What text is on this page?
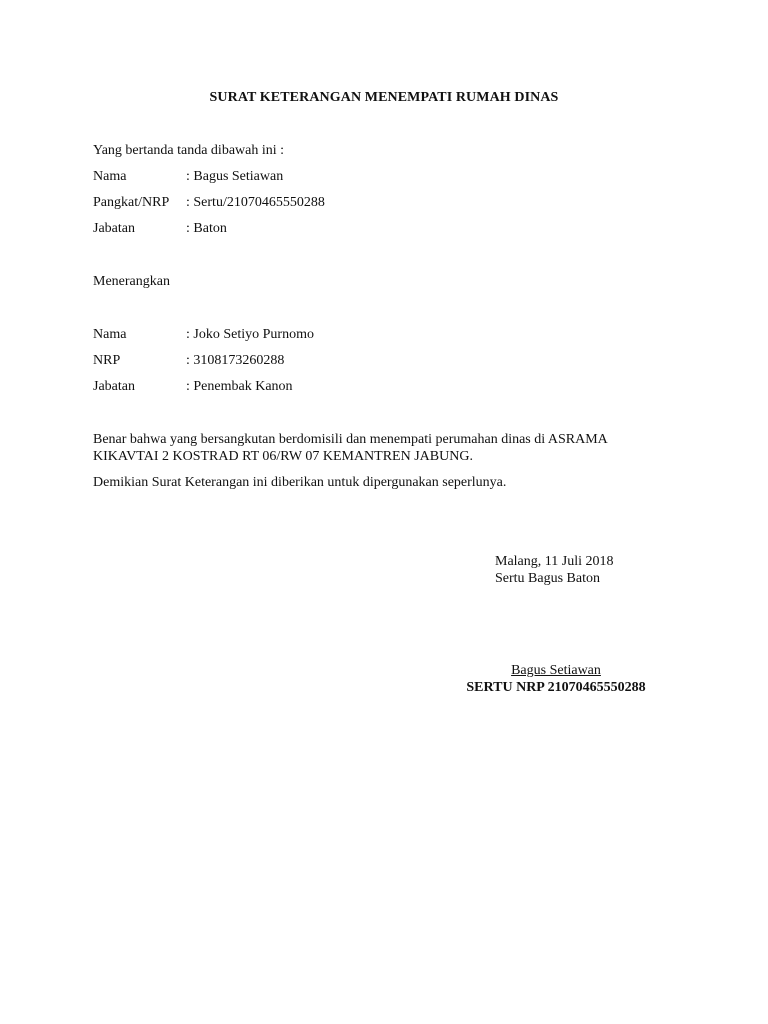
SURAT KETERANGAN MENEMPATI RUMAH DINAS
Yang bertanda tanda dibawah ini :
Nama	: Bagus Setiawan
Pangkat/NRP : Sertu/21070465550288
Jabatan	: Baton
Menerangkan
Nama	: Joko Setiyo Purnomo
NRP	: 3108173260288
Jabatan	: Penembak Kanon
Benar bahwa yang bersangkutan berdomisili dan menempati perumahan dinas di ASRAMA
KIKAVTAI 2 KOSTRAD RT 06/RW 07 KEMANTREN JABUNG.
Demikian Surat Keterangan ini diberikan untuk dipergunakan seperlunya.
Malang, 11 Juli 2018
Sertu Bagus Baton
Bagus Setiawan
SERTU NRP 21070465550288
